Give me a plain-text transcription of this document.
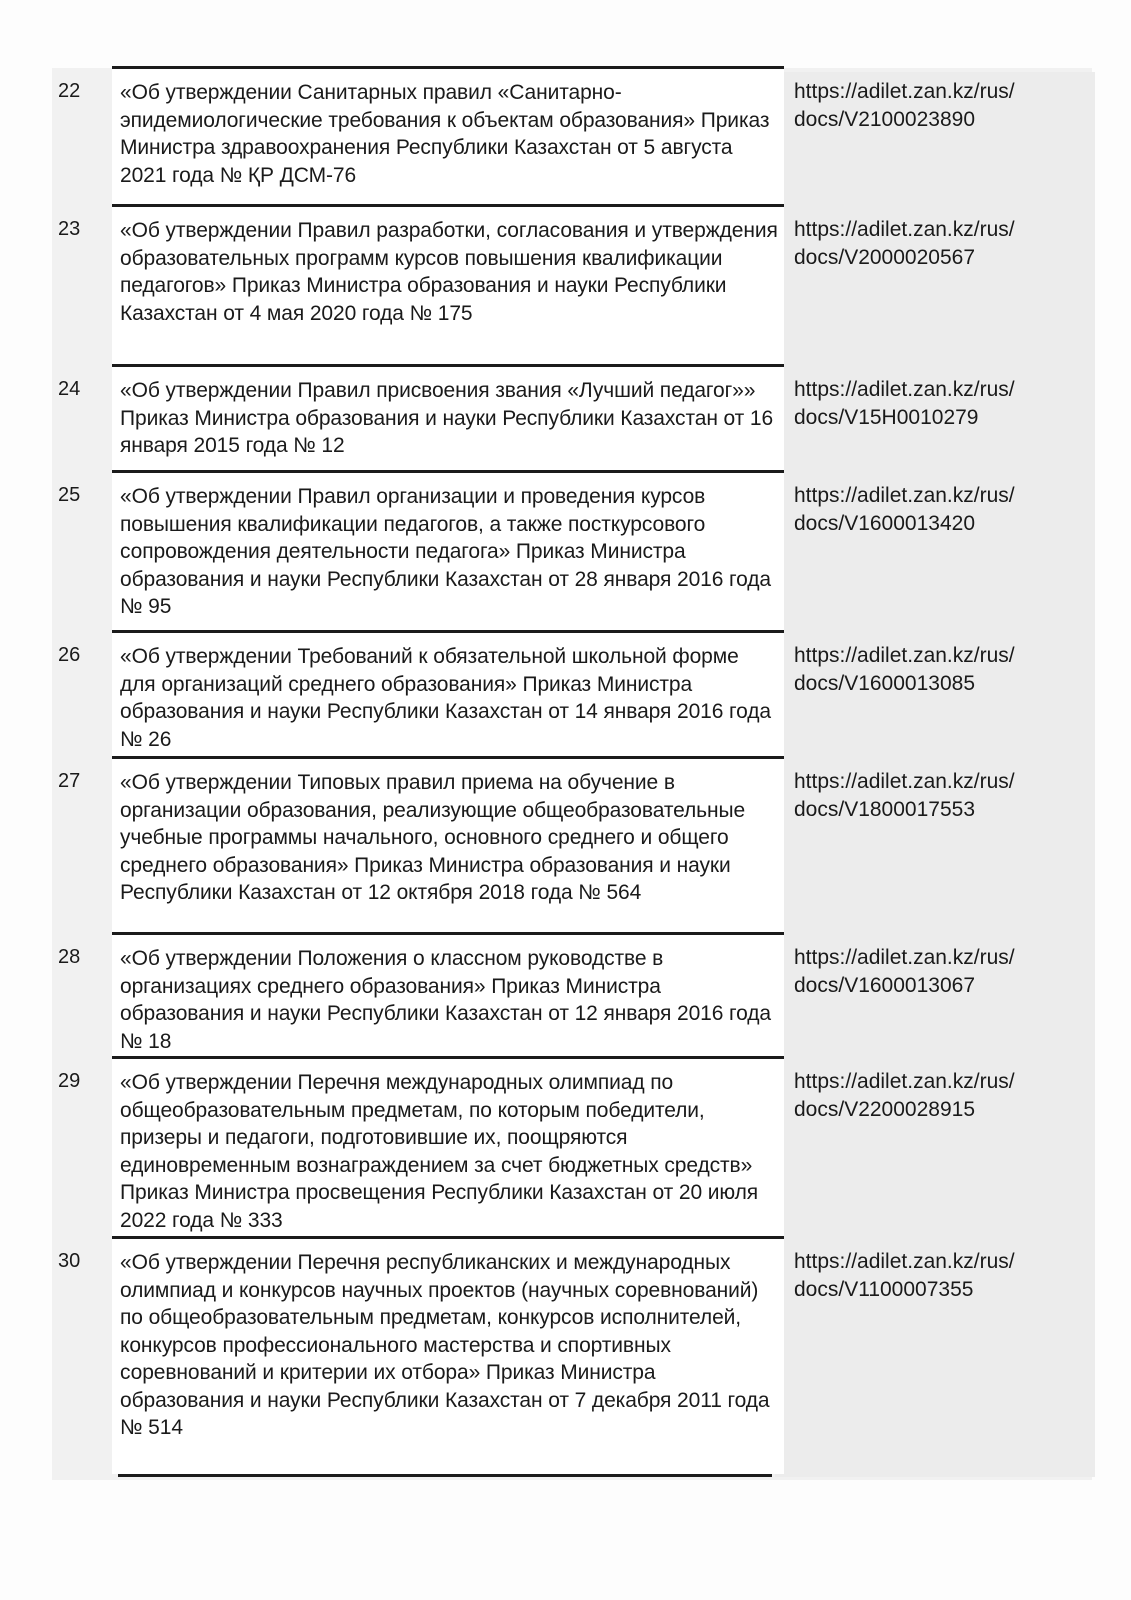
22	«Об утверждении Санитарных правил «Санитарно-эпидемиологические требования к объектам образования» Приказ Министра здравоохранения Республики Казахстан от 5 августа 2021 года № ҚР ДСМ-76
https://adilet.zan.kz/rus/
docs/V2100023890
23	«Об утверждении Правил разработки, согласования и утверждения образовательных программ курсов повышения квалификации педагогов» Приказ Министра образования и науки Республики Казахстан от 4 мая 2020 года № 175
https://adilet.zan.kz/rus/
docs/V2000020567
24	«Об утверждении Правил присвоения звания «Лучший педагог»» Приказ Министра образования и науки Республики Казахстан от 16 января 2015 года № 12
https://adilet.zan.kz/rus/
docs/V15H0010279
25	«Об утверждении Правил организации и проведения курсов повышения квалификации педагогов, а также посткурсового сопровождения деятельности педагога» Приказ Министра образования и науки Республики Казахстан от 28 января 2016 года № 95
https://adilet.zan.kz/rus/
docs/V1600013420
26	«Об утверждении Требований к обязательной школьной форме для организаций среднего образования» Приказ Министра образования и науки Республики Казахстан от 14 января 2016 года № 26
https://adilet.zan.kz/rus/
docs/V1600013085
27	«Об утверждении Типовых правил приема на обучение в организации образования, реализующие общеобразовательные учебные программы начального, основного среднего и общего среднего образования» Приказ Министра образования и науки Республики Казахстан от 12 октября 2018 года № 564
https://adilet.zan.kz/rus/
docs/V1800017553
28	«Об утверждении Положения о классном руководстве в организациях среднего образования» Приказ Министра образования и науки Республики Казахстан от 12 января 2016 года № 18
https://adilet.zan.kz/rus/
docs/V1600013067
29	«Об утверждении Перечня международных олимпиад по общеобразовательным предметам, по которым победители, призеры и педагоги, подготовившие их, поощряются единовременным вознаграждением за счет бюджетных средств» Приказ Министра просвещения Республики Казахстан от 20 июля 2022 года № 333
https://adilet.zan.kz/rus/
docs/V2200028915
30	«Об утверждении Перечня республиканских и международных олимпиад и конкурсов научных проектов (научных соревнований) по общеобразовательным предметам, конкурсов исполнителей, конкурсов профессионального мастерства и спортивных соревнований и критерии их отбора» Приказ Министра образования и науки Республики Казахстан от 7 декабря 2011 года № 514
https://adilet.zan.kz/rus/
docs/V1100007355
